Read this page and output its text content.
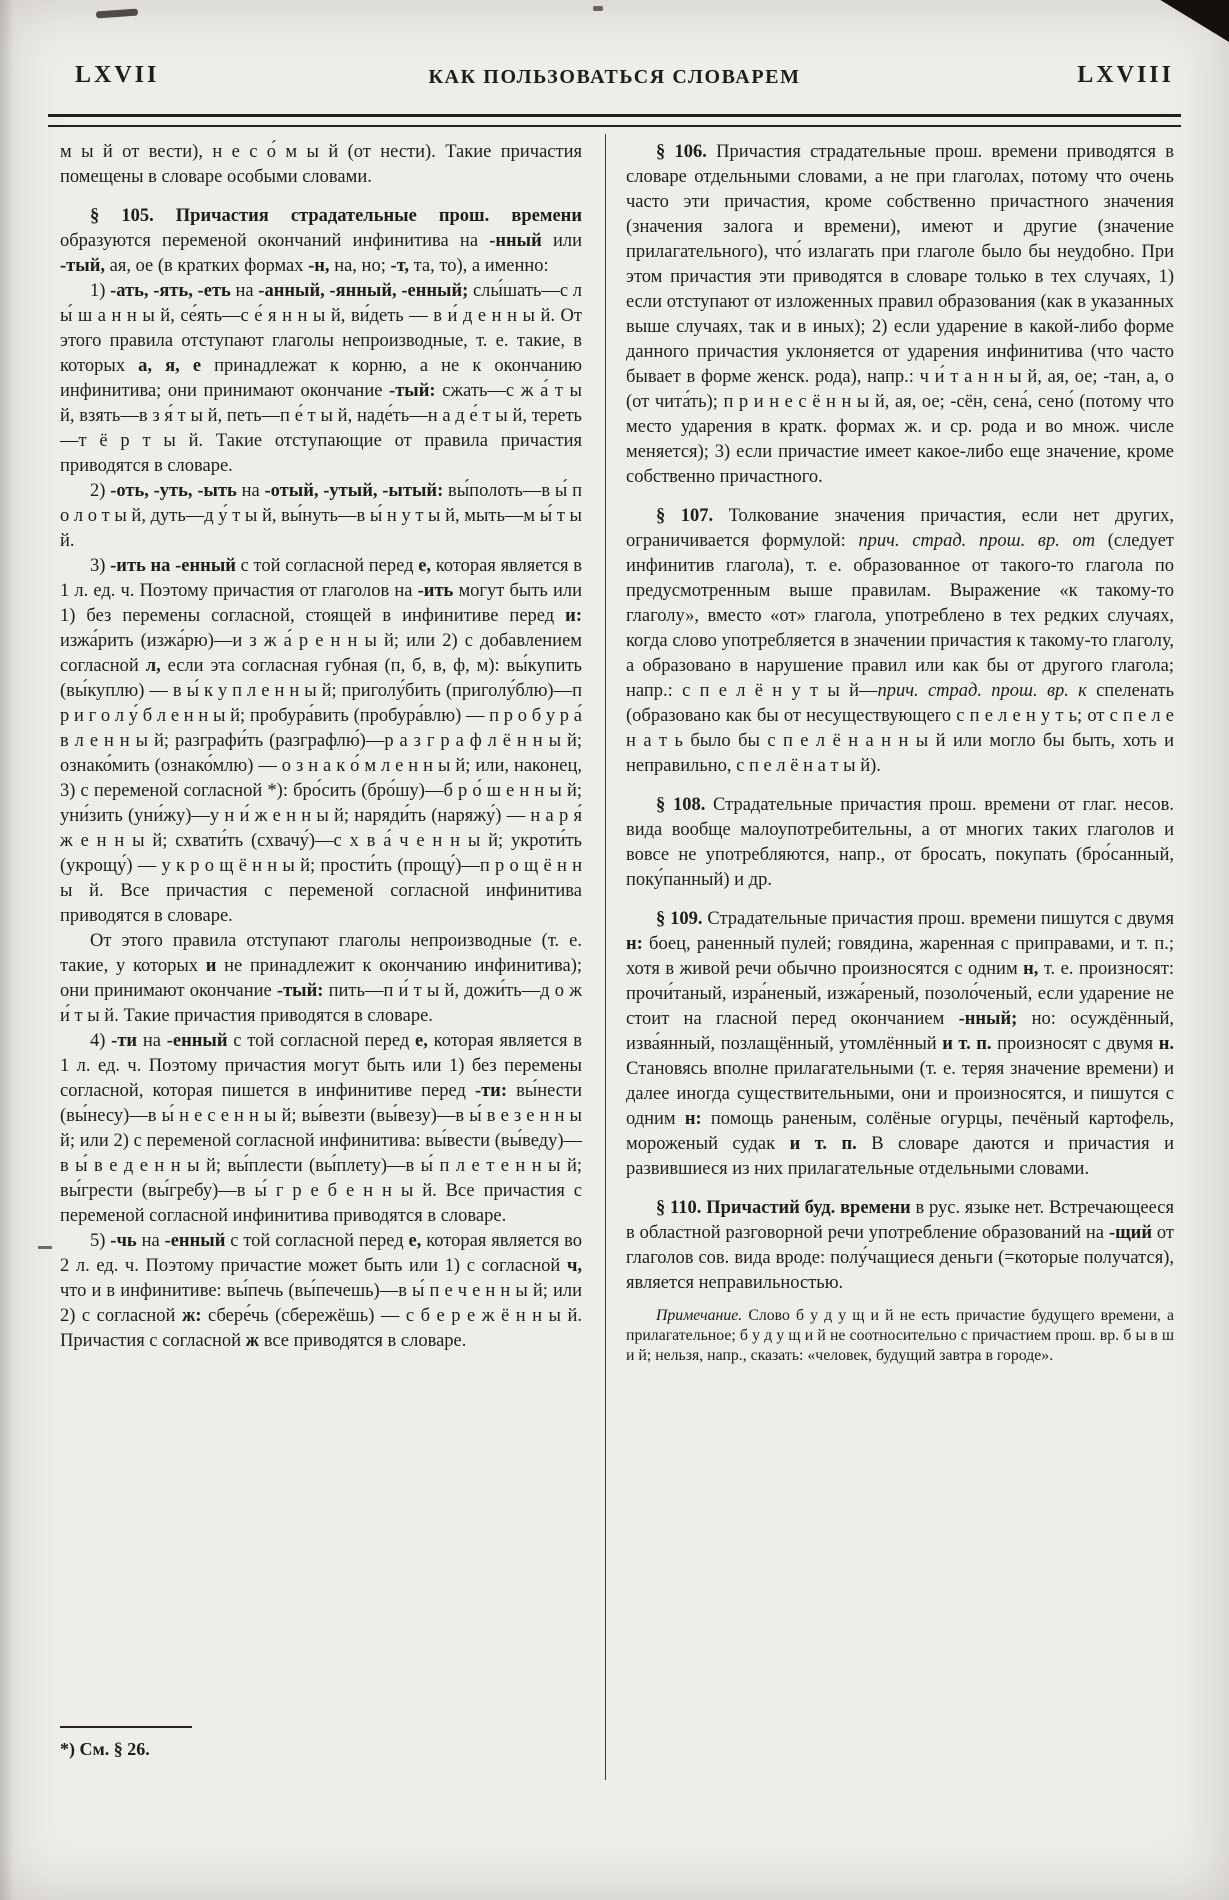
LXVII	КАК ПОЛЬЗОВАТЬСЯ СЛОВАРЕМ	LXVIII

м ы й от вести), н е с о́ м ы й (от нести). Такие причастия помещены в словаре особыми словами.

§ 105. Причастия страдательные прош. времени образуются переменой окончаний инфинитива на -нный или -тый, ая, ое (в кратких формах -н, на, но; -т, та, то), а именно:

1) -ать, -ять, -еть на -анный, -янный, -енный; слы́шать—с л ы́ ш а н н ы й, се́ять—с е́ я н н ы й, ви́деть — в и́ д е н н ы й. От этого правила отступают глаголы непроизводные, т. е. такие, в которых а, я, е принадлежат к корню, а не к окончанию инфинитива; они принимают окончание -тый: сжать—с ж а́ т ы й, взять—в з я́ т ы й, петь—п е́ т ы й, наде́ть—н а д е́ т ы й, тереть—т ё р т ы й. Такие отступающие от правила причастия приводятся в словаре.

2) -оть, -уть, -ыть на -отый, -утый, -ытый: вы́полоть—в ы́ п о л о т ы й, дуть—д у́ т ы й, вы́нуть—в ы́ н у т ы й, мыть—м ы́ т ы й.

3) -ить на -енный с той согласной перед е, которая является в 1 л. ед. ч. Поэтому причастия от глаголов на -ить могут быть или 1) без перемены согласной, стоящей в инфинитиве перед и: изжа́рить (изжа́рю)—и з ж а́ р е н н ы й; или 2) с добавлением согласной л, если эта согласная губная (п, б, в, ф, м): вы́купить (вы́куплю) — в ы́ к у п л е н н ы й; приголу́бить (приголу́блю)—п р и г о л у́ б л е н н ы й; пробура́вить (пробура́влю) — п р о б у р а́ в л е н н ы й; разграфи́ть (разграфлю́)—р а з г р а ф л ё н н ы й; ознако́мить (ознако́млю) — о з н а к о́ м л е н н ы й; или, наконец, 3) с переменой согласной *): бро́сить (бро́шу)—б р о́ ш е н н ы й; уни́зить (уни́жу)—у н и́ ж е н н ы й; наряди́ть (наряжу́) — н а р я́ ж е н н ы й; схвати́ть (схвачу́)—с х в а́ ч е н н ы й; укроти́ть (укрощу́) — у к р о щ ё н н ы й; прости́ть (прощу́)—п р о щ ё н н ы й. Все причастия с переменой согласной инфинитива приводятся в словаре.

От этого правила отступают глаголы непроизводные (т. е. такие, у которых и не принадлежит к окончанию инфинитива); они принимают окончание -тый: пить—п и́ т ы й, дожи́ть—д о ж и́ т ы й. Такие причастия приводятся в словаре.

4) -ти на -енный с той согласной перед е, которая является в 1 л. ед. ч. Поэтому причастия могут быть или 1) без перемены согласной, которая пишется в инфинитиве перед -ти: вы́нести (вы́несу)—в ы́ н е с е н н ы й; вы́везти (вы́везу)—в ы́ в е з е н н ы й; или 2) с переменой согласной инфинитива: вы́вести (вы́веду)— в ы́ в е д е н н ы й; вы́плести (вы́плету)—в ы́ п л е т е н н ы й; вы́грести (вы́гребу)—в ы́ г р е б е н н ы й. Все причастия с переменой согласной инфинитива приводятся в словаре.

5) -чь на -енный с той согласной перед е, которая является во 2 л. ед. ч. Поэтому причастие может быть или 1) с согласной ч, что и в инфинитиве: вы́печь (вы́печешь)—в ы́ п е ч е н н ы й; или 2) с согласной ж: сбере́чь (сбережёшь) — с б е р е ж ё н н ы й. Причастия с согласной ж все приводятся в словаре.

*) См. § 26.

§ 106. Причастия страдательные прош. времени приводятся в словаре отдельными словами, а не при глаголах, потому что очень часто эти причастия, кроме собственно причастного значения (значения залога и времени), имеют и другие (значение прилагательного), что́ излагать при глаголе было бы неудобно. При этом причастия эти приводятся в словаре только в тех случаях, 1) если отступают от изложенных правил образования (как в указанных выше случаях, так и в иных); 2) если ударение в какой-либо форме данного причастия уклоняется от ударения инфинитива (что часто бывает в форме женск. рода), напр.: ч и́ т а н н ы й, ая, ое; -тан, а, о (от чита́ть); п р и н е с ё н н ы й, ая, ое; -сён, сена́, сено́ (потому что место ударения в кратк. формах ж. и ср. рода и во множ. числе меняется); 3) если причастие имеет какое-либо еще значение, кроме собственно причастного.

§ 107. Толкование значения причастия, если нет других, ограничивается формулой: прич. страд. прош. вр. от (следует инфинитив глагола), т. е. образованное от такого-то глагола по предусмотренным выше правилам. Выражение «к такому-то глаголу», вместо «от» глагола, употреблено в тех редких случаях, когда слово употребляется в значении причастия к такому-то глаголу, а образовано в нарушение правил или как бы от другого глагола; напр.: с п е л ё н у т ы й—прич. страд. прош. вр. к спеленать (образовано как бы от несуществующего с п е л е н у т ь; от с п е л е н а т ь было бы с п е л ё н а н н ы й или могло бы быть, хоть и неправильно, с п е л ё н а т ы й).

§ 108. Страдательные причастия прош. времени от глаг. несов. вида вообще малоупотребительны, а от многих таких глаголов и вовсе не употребляются, напр., от бросать, покупать (бро́санный, поку́панный) и др.

§ 109. Страдательные причастия прош. времени пишутся с двумя н: боец, раненный пулей; говядина, жаренная с приправами, и т. п.; хотя в живой речи обычно произносятся с одним н, т. е. произносят: прочи́таный, изра́неный, изжа́реный, позоло́ченый, если ударение не стоит на гласной перед окончанием -нный; но: осуждённый, изва́янный, позлащённый, утомлённый и т. п. произносят с двумя н. Становясь вполне прилагательными (т. е. теряя значение времени) и далее иногда существительными, они и произносятся, и пишутся с одним н: помощь раненым, солёные огурцы, печёный картофель, мороженый судак и т. п. В словаре даются и причастия и развившиеся из них прилагательные отдельными словами.

§ 110. Причастий буд. времени в рус. языке нет. Встречающееся в областной разговорной речи употребление образований на -щий от глаголов сов. вида вроде: полу́чащиеся деньги (=которые получатся), является неправильностью.

Примечание. Слово б у д у щ и й не есть причастие будущего времени, а прилагательное; б у д у щ и й не соотносительно с причастием прош. вр. б ы в ш и й; нельзя, напр., сказать: «человек, будущий завтра в городе».
